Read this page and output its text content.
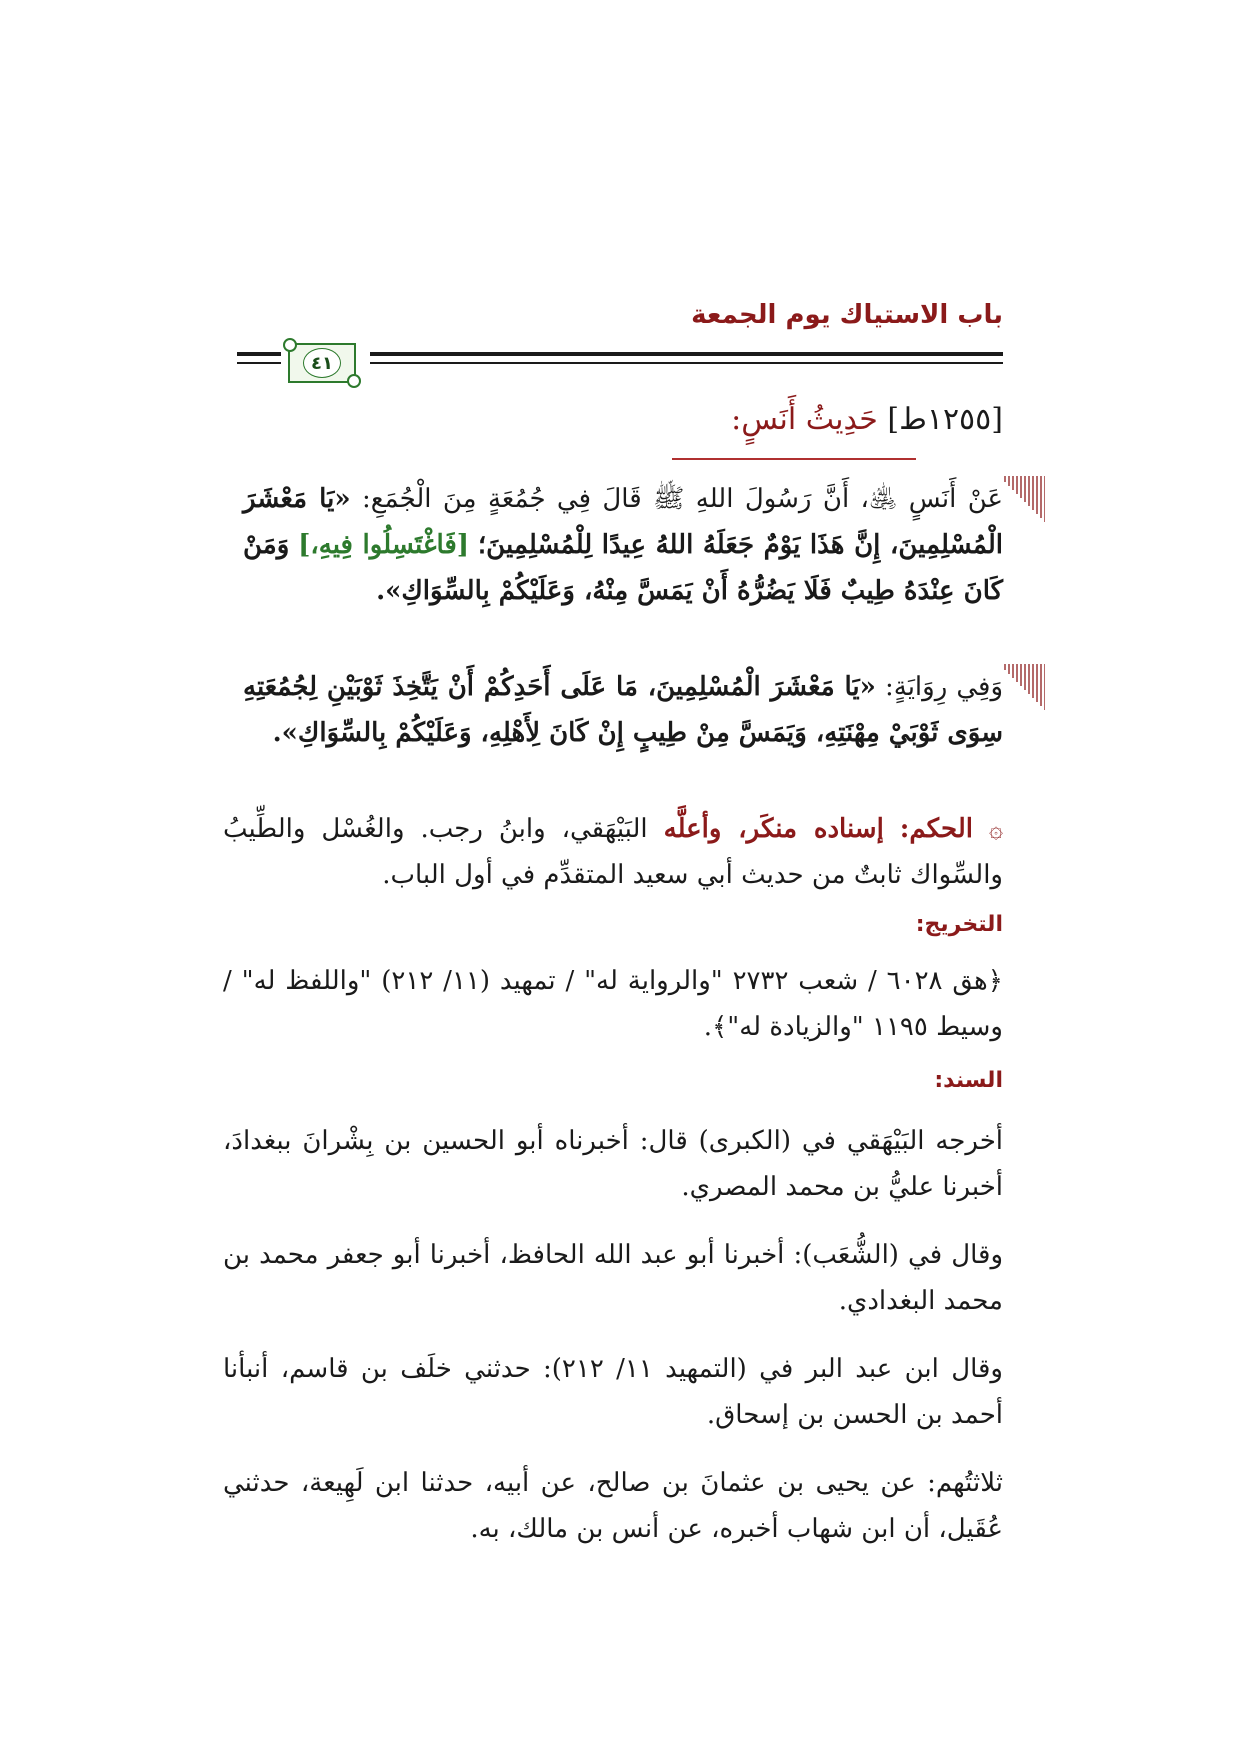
باب الاستياك يوم الجمعة
٤١
[١٢٥٥ط] حَدِيثُ أَنَسٍ:
عَنْ أَنَسٍ ﵁، أَنَّ رَسُولَ اللهِ ﷺ قَالَ فِي جُمُعَةٍ مِنَ الْجُمَعِ: «يَا مَعْشَرَ الْمُسْلِمِينَ، إِنَّ هَذَا يَوْمٌ جَعَلَهُ اللهُ عِيدًا لِلْمُسْلِمِينَ؛ [فَاغْتَسِلُوا فِيهِ،] وَمَنْ كَانَ عِنْدَهُ طِيبٌ فَلَا يَضُرُّهُ أَنْ يَمَسَّ مِنْهُ، وَعَلَيْكُمْ بِالسِّوَاكِ».
وَفِي رِوَايَةٍ: «يَا مَعْشَرَ الْمُسْلِمِينَ، مَا عَلَى أَحَدِكُمْ أَنْ يَتَّخِذَ ثَوْبَيْنِ لِجُمُعَتِهِ سِوَى ثَوْبَيْ مِهْنَتِهِ، وَيَمَسَّ مِنْ طِيبٍ إِنْ كَانَ لِأَهْلِهِ، وَعَلَيْكُمْ بِالسِّوَاكِ».
۞ الحكم: إسناده منكَر، وأعلَّه البَيْهَقي، وابنُ رجب. والغُسْل والطِّيبُ والسِّواك ثابتٌ من حديث أبي سعيد المتقدِّم في أول الباب.
التخريج:
﴿هق ٦٠٢٨ / شعب ٢٧٣٢ "والرواية له" / تمهيد (١١/ ٢١٢) "واللفظ له" / وسيط ١١٩٥ "والزيادة له"﴾.
السند:
أخرجه البَيْهَقي في (الكبرى) قال: أخبرناه أبو الحسين بن بِشْرانَ ببغدادَ، أخبرنا عليُّ بن محمد المصري.
وقال في (الشُّعَب): أخبرنا أبو عبد الله الحافظ، أخبرنا أبو جعفر محمد بن محمد البغدادي.
وقال ابن عبد البر في (التمهيد ١١/ ٢١٢): حدثني خلَف بن قاسم، أنبأنا أحمد بن الحسن بن إسحاق.
ثلاثتُهم: عن يحيى بن عثمانَ بن صالح، عن أبيه، حدثنا ابن لَهِيعة، حدثني عُقَيل، أن ابن شهاب أخبره، عن أنس بن مالك، به.
